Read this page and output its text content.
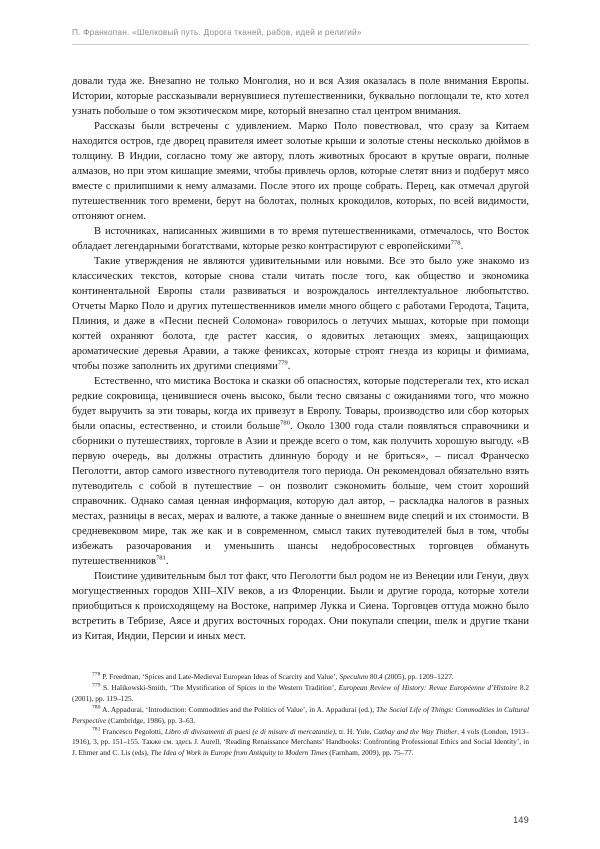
П. Франкопан. «Шелковый путь. Дорога тканей, рабов, идей и религий»

довали туда же. Внезапно не только Монголия, но и вся Азия оказалась в поле внимания Европы. Истории, которые рассказывали вернувшиеся путешественники, буквально поглощали те, кто хотел узнать побольше о том экзотическом мире, который внезапно стал центром внимания.

Рассказы были встречены с удивлением. Марко Поло повествовал, что сразу за Китаем находится остров, где дворец правителя имеет золотые крыши и золотые стены несколько дюймов в толщину. В Индии, согласно тому же автору, плоть животных бросают в крутые овраги, полные алмазов, но при этом кишащие змеями, чтобы привлечь орлов, которые слетят вниз и подберут мясо вместе с прилипшими к нему алмазами. После этого их проще собрать. Перец, как отмечал другой путешественник того времени, берут на болотах, полных крокодилов, которых, по всей видимости, отгоняют огнем.

В источниках, написанных жившими в то время путешественниками, отмечалось, что Восток обладает легендарными богатствами, которые резко контрастируют с европейскими$^{778}$.

Такие утверждения не являются удивительными или новыми. Все это было уже знакомо из классических текстов, которые снова стали читать после того, как общество и экономика континентальной Европы стали развиваться и возрождалось интеллектуальное любопытство. Отчеты Марко Поло и других путешественников имели много общего с работами Геродота, Тацита, Плиния, и даже в «Песни песней Соломона» говорилось о летучих мышах, которые при помощи когтей охраняют болота, где растет кассия, о ядовитых летающих змеях, защищающих ароматические деревья Аравии, а также фениксах, которые строят гнезда из корицы и фимиама, чтобы позже заполнить их другими специями$^{779}$.

Естественно, что мистика Востока и сказки об опасностях, которые подстерегали тех, кто искал редкие сокровища, ценившиеся очень высоко, были тесно связаны с ожиданиями того, что можно будет выручить за эти товары, когда их привезут в Европу. Товары, производство или сбор которых были опасны, естественно, и стоили больше$^{780}$. Около 1300 года стали появляться справочники и сборники о путешествиях, торговле в Азии и прежде всего о том, как получить хорошую выгоду. «В первую очередь, вы должны отрастить длинную бороду и не бриться», – писал Франческо Пеголотти, автор самого известного путеводителя того периода. Он рекомендовал обязательно взять путеводитель с собой в путешествие – он позволит сэкономить больше, чем стоит хороший справочник. Однако самая ценная информация, которую дал автор, – раскладка налогов в разных местах, разницы в весах, мерах и валюте, а также данные о внешнем виде специй и их стоимости. В средневековом мире, так же как и в современном, смысл таких путеводителей был в том, чтобы избежать разочарования и уменьшить шансы недобросовестных торговцев обмануть путешественников$^{781}$.

Поистине удивительным был тот факт, что Пеголотти был родом не из Венеции или Генуи, двух могущественных городов XIII–XIV веков, а из Флоренции. Были и другие города, которые хотели приобщиться к происходящему на Востоке, например Лукка и Сиена. Торговцев оттуда можно было встретить в Тебризе, Аясе и других восточных городах. Они покупали специи, шелк и другие ткани из Китая, Индии, Персии и иных мест.

$^{778}$ P. Freedman, ‘Spices and Late-Medieval European Ideas of Scarcity and Value’, Speculum 80.4 (2005), pp. 1209–1227.

$^{779}$ S. Halikowski-Smith, ‘The Mystification of Spices in the Western Tradition’, European Review of History: Revue Européenne d’Histoire 8.2 (2001), pp. 119–125.

$^{780}$ A. Appadurai, ‘Introduction: Commodities and the Politics of Value’, in A. Appadurai (ed.), The Social Life of Things: Commodities in Cultural Perspective (Cambridge, 1986), pp. 3–63.

$^{781}$ Francesco Pegolotti, Libro di divisamenti di paesi (e di misure di mercatantie), tr. H. Yule, Cathay and the Way Thither, 4 vols (London, 1913–1916), 3, pp. 151–155. Также см. здесь J. Aurell, ‘Reading Renaissance Merchants’ Handbooks: Confronting Professional Ethics and Social Identity’, in J. Ehmer and C. Lis (eds), The Idea of Work in Europe from Antiquity to Modern Times (Farnham, 2009), pp. 75–77.

149
